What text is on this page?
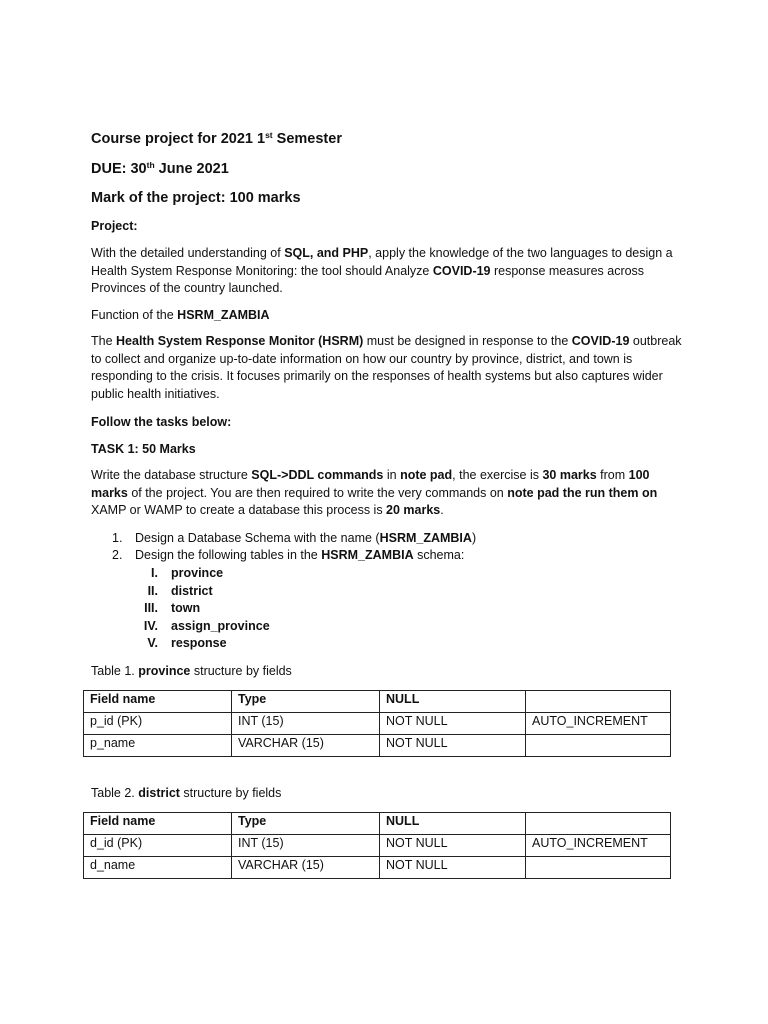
Course project for 2021 1st Semester
DUE: 30th June 2021
Mark of the project: 100 marks
Project:
With the detailed understanding of SQL, and PHP, apply the knowledge of the two languages to design a
Health System Response Monitoring: the tool should Analyze COVID-19 response measures across
Provinces of the country launched.
Function of the HSRM_ZAMBIA
The Health System Response Monitor (HSRM) must be designed in response to the COVID-19 outbreak
to collect and organize up-to-date information on how our country by province, district, and town is
responding to the crisis. It focuses primarily on the responses of health systems but also captures wider
public health initiatives.
Follow the tasks below:
TASK 1: 50 Marks
Write the database structure SQL->DDL commands in note pad, the exercise is 30 marks from 100
marks of the project. You are then required to write the very commands on note pad the run them on
XAMP or WAMP to create a database this process is 20 marks.
1. Design a Database Schema with the name (HSRM_ZAMBIA)
2. Design the following tables in the HSRM_ZAMBIA schema:
I. province
II. district
III. town
IV. assign_province
V. response
Table 1. province structure by fields
Field name	Type	NULL	
p_id (PK)	INT (15)	NOT NULL	AUTO_INCREMENT
p_name	VARCHAR (15)	NOT NULL	
Table 2. district structure by fields
Field name	Type	NULL	
d_id (PK)	INT (15)	NOT NULL	AUTO_INCREMENT
d_name	VARCHAR (15)	NOT NULL	
